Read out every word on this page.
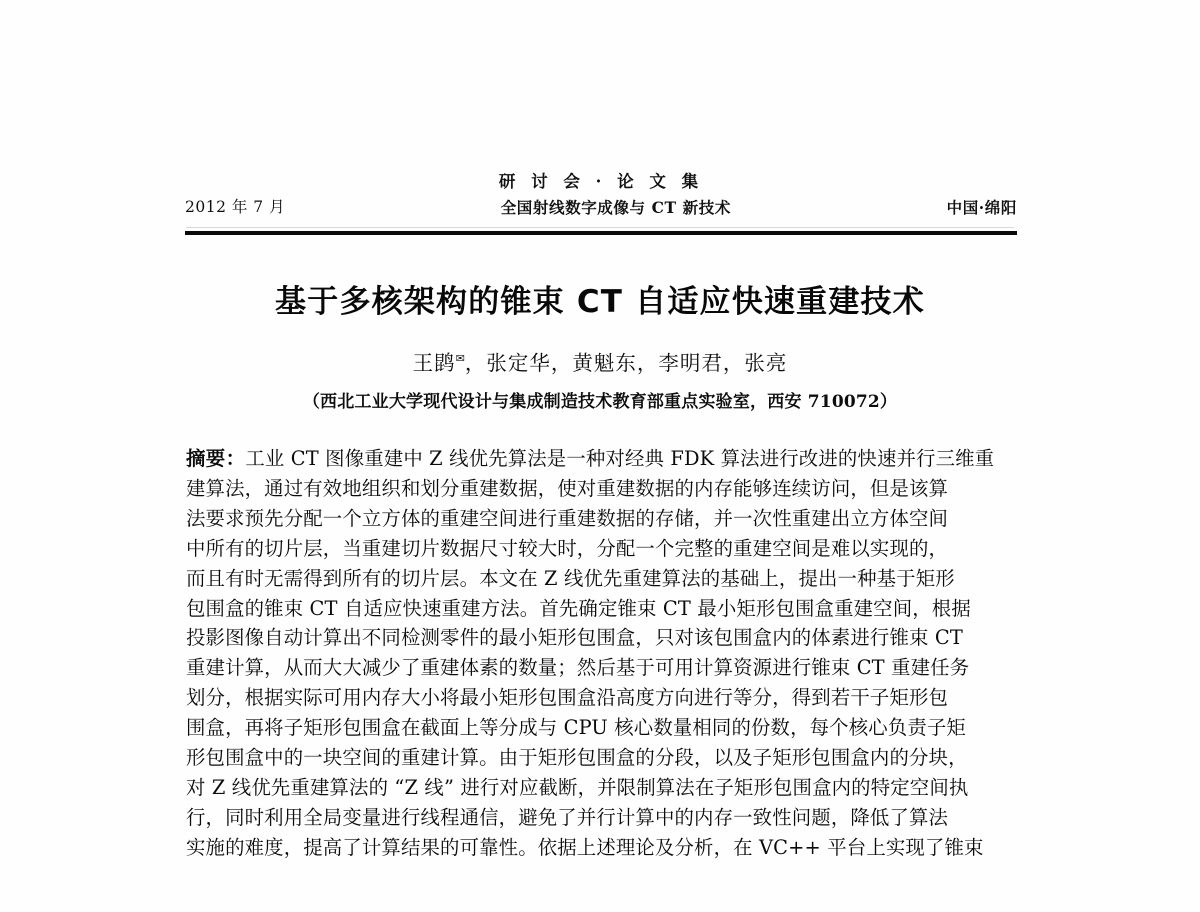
研 讨 会 · 论 文 集
2012 年 7 月	全国射线数字成像与 CT 新技术	中国·绵阳
基于多核架构的锥束 CT 自适应快速重建技术
王鹍✉，张定华，黄魁东，李明君，张亮
（西北工业大学现代设计与集成制造技术教育部重点实验室，西安 710072）
摘要：工业 CT 图像重建中 Z 线优先算法是一种对经典 FDK 算法进行改进的快速并行三维重
建算法，通过有效地组织和划分重建数据，使对重建数据的内存能够连续访问，但是该算
法要求预先分配一个立方体的重建空间进行重建数据的存储，并一次性重建出立方体空间
中所有的切片层，当重建切片数据尺寸较大时，分配一个完整的重建空间是难以实现的，
而且有时无需得到所有的切片层。本文在 Z 线优先重建算法的基础上，提出一种基于矩形
包围盒的锥束 CT 自适应快速重建方法。首先确定锥束 CT 最小矩形包围盒重建空间，根据
投影图像自动计算出不同检测零件的最小矩形包围盒，只对该包围盒内的体素进行锥束 CT
重建计算，从而大大减少了重建体素的数量；然后基于可用计算资源进行锥束 CT 重建任务
划分，根据实际可用内存大小将最小矩形包围盒沿高度方向进行等分，得到若干子矩形包
围盒，再将子矩形包围盒在截面上等分成与 CPU 核心数量相同的份数，每个核心负责子矩
形包围盒中的一块空间的重建计算。由于矩形包围盒的分段，以及子矩形包围盒内的分块，
对 Z 线优先重建算法的 “Z 线” 进行对应截断，并限制算法在子矩形包围盒内的特定空间执
行，同时利用全局变量进行线程通信，避免了并行计算中的内存一致性问题，降低了算法
实施的难度，提高了计算结果的可靠性。依据上述理论及分析，在 VC++ 平台上实现了锥束
